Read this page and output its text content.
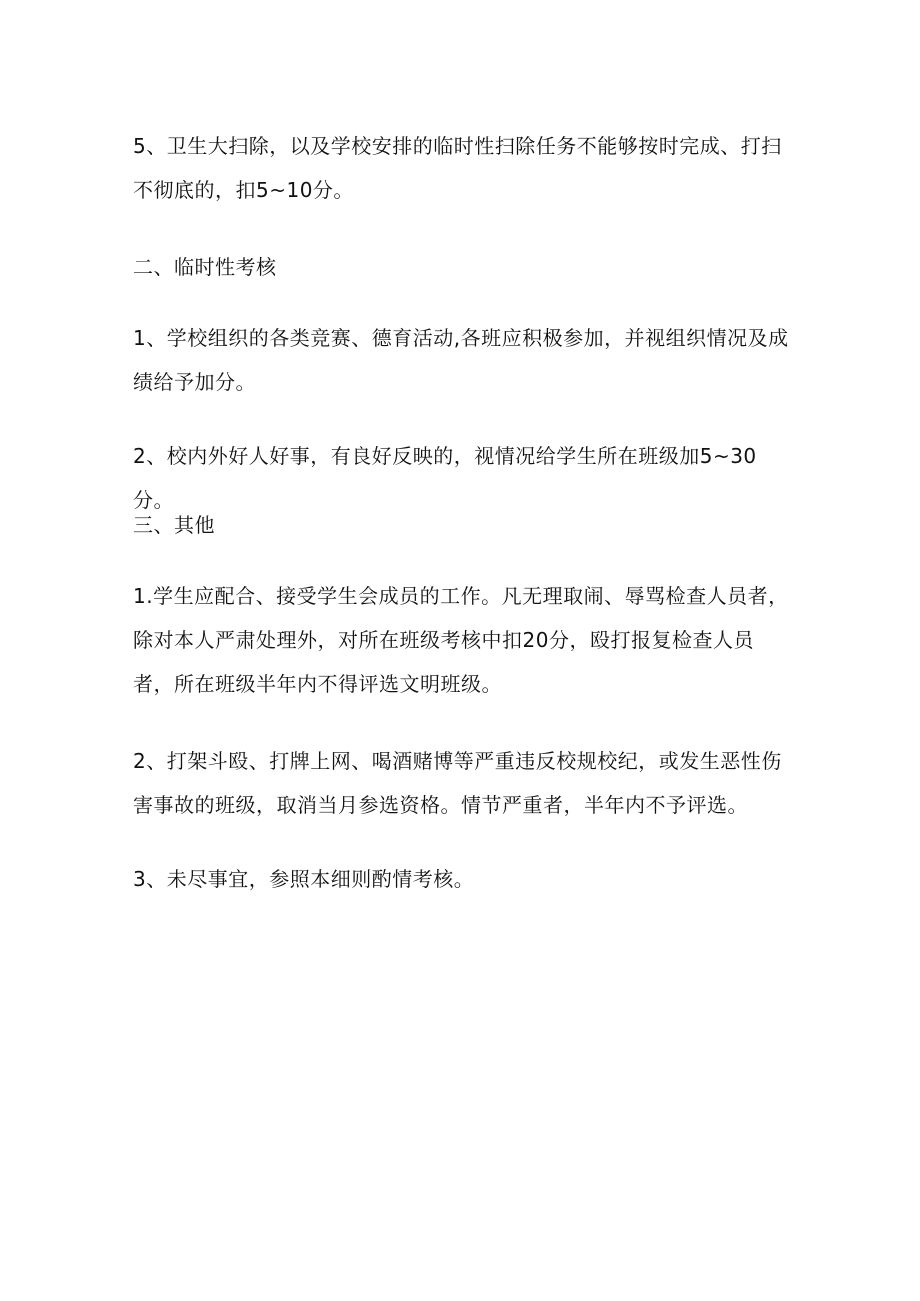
5、卫生大扫除，以及学校安排的临时性扫除任务不能够按时完成、打扫不彻底的，扣5~10分。

二、临时性考核

1、学校组织的各类竞赛、德育活动,各班应积极参加，并视组织情况及成绩给予加分。

2、校内外好人好事，有良好反映的，视情况给学生所在班级加5~30分。

三、其他

1.学生应配合、接受学生会成员的工作。凡无理取闹、辱骂检查人员者，除对本人严肃处理外，对所在班级考核中扣20分，殴打报复检查人员者，所在班级半年内不得评选文明班级。

2、打架斗殴、打牌上网、喝酒赌博等严重违反校规校纪，或发生恶性伤害事故的班级，取消当月参选资格。情节严重者，半年内不予评选。

3、未尽事宜，参照本细则酌情考核。
